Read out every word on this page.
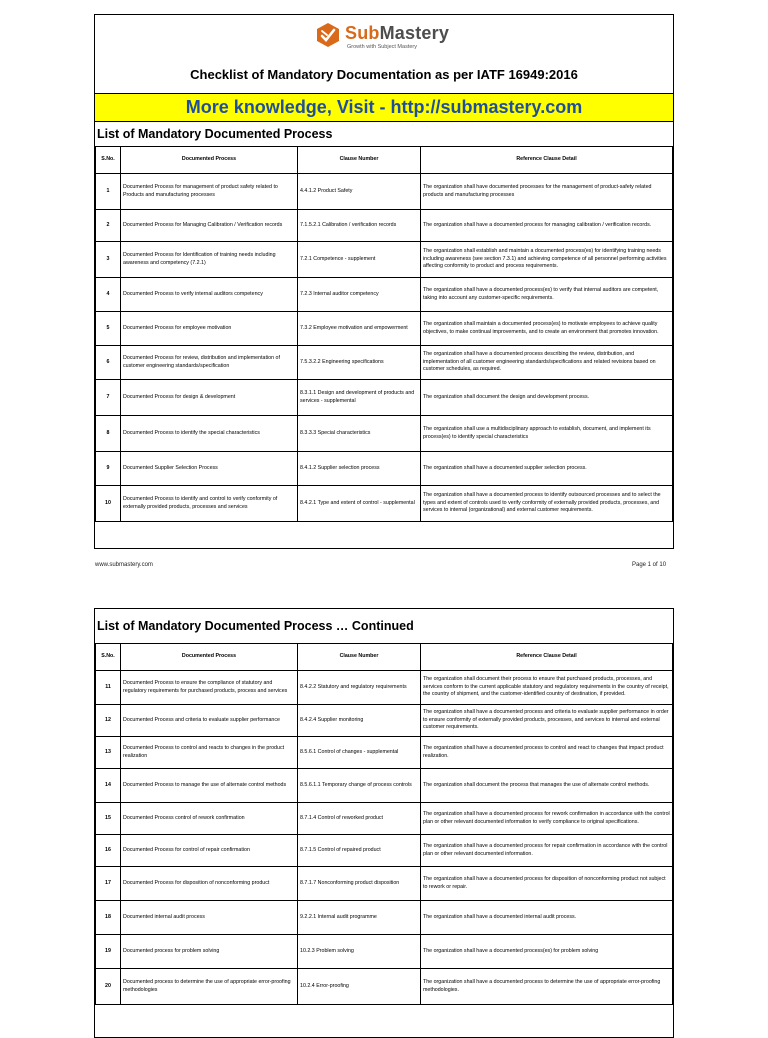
SubMastery
Growth with Subject Mastery
Checklist of Mandatory Documentation as per IATF 16949:2016
More knowledge, Visit - http://submastery.com
List of Mandatory Documented Process
S.No.	Documented Process	Clause Number	Reference Clause Detail
1	Documented Process for management of product safety related to Products and manufacturing processes	4.4.1.2 Product Safety	The organization shall have documented processes for the management of product-safety related products and manufacturing processes
2	Documented Process for Managing Calibration / Verification records	7.1.5.2.1 Calibration / verification records	The organization shall have a documented process for managing calibration / verification records.
3	Documented Process for Identification of training needs including awareness and competency (7.2.1)	7.2.1 Competence - supplement	The organization shall establish and maintain a documented process(es) for identifying training needs including awareness (see section 7.3.1) and achieving competence of all personnel performing activities affecting conformity to product and process requirements.
4	Documented Process to verify internal auditors competency	7.2.3 Internal auditor competency	The organization shall have a documented process(es) to verify that internal auditors are competent, taking into account any customer-specific requirements.
5	Documented Process for employee motivation	7.3.2 Employee motivation and empowerment	The organization shall maintain a documented process(es) to motivate employees to achieve quality objectives, to make continual improvements, and to create an environment that promotes innovation.
6	Documented Process for review, distribution and implementation of customer engineering standards/specification	7.5.3.2.2 Engineering specifications	The organization shall have a documented process describing the review, distribution, and implementation of all customer engineering standards/specifications and related revisions based on customer schedules, as required.
7	Documented Process for design & development	8.3.1.1 Design and development of products and services - supplemental	The organization shall document the design and development process.
8	Documented Process to identify the special characteristics	8.3.3.3 Special characteristics	The organization shall use a multidisciplinary approach to establish, document, and implement its process(es) to identify special characteristics
9	Documented Supplier Selection Process	8.4.1.2 Supplier selection process	The organization shall have a documented supplier selection process.
10	Documented Process to identify and control to verify conformity of externally provided products, processes and services	8.4.2.1 Type and extent of control - supplemental	The organization shall have a documented process to identify outsourced processes and to select the types and extent of controls used to verify conformity of externally provided products, processes, and services to internal (organizational) and external customer requirements.
www.submastery.com	Page 1 of 10
List of Mandatory Documented Process … Continued
S.No.	Documented Process	Clause Number	Reference Clause Detail
11	Documented Process to ensure the compliance of statutory and regulatory requirements for purchased products, process and services	8.4.2.2 Statutory and regulatory requirements	The organization shall document their process to ensure that purchased products, processes, and services conform to the current applicable statutory and regulatory requirements in the country of receipt, the country of shipment, and the customer-identified country of destination, if provided.
12	Documented Process and criteria to evaluate supplier performance	8.4.2.4 Supplier monitoring	The organization shall have a documented process and criteria to evaluate supplier performance in order to ensure conformity of externally provided products, processes, and services to internal and external customer requirements.
13	Documented Process to control and reacts to changes in the product realization	8.5.6.1 Control of changes - supplemental	The organization shall have a documented process to control and react to changes that impact product realization.
14	Documented Process to manage the use of alternate control methods	8.5.6.1.1 Temporary change of process controls	The organization shall document the process that manages the use of alternate control methods.
15	Documented Process control of rework confirmation	8.7.1.4 Control of reworked product	The organization shall have a documented process for rework confirmation in accordance with the control plan or other relevant documented information to verify compliance to original specifications.
16	Documented Process for control of repair confirmation	8.7.1.5 Control of repaired product	The organization shall have a documented process for repair confirmation in accordance with the control plan or other relevant documented information.
17	Documented Process for disposition of nonconforming product	8.7.1.7 Nonconforming product disposition	The organization shall have a documented process for disposition of nonconforming product not subject to rework or repair.
18	Documented internal audit process	9.2.2.1 Internal audit programme	The organization shall have a documented internal audit process.
19	Documented process for problem solving	10.2.3 Problem solving	The organization shall have a documented process(es) for problem solving
20	Documented process to determine the use of appropriate error-proofing methodologies	10.2.4 Error-proofing	The organization shall have a documented process to determine the use of appropriate error-proofing methodologies.
